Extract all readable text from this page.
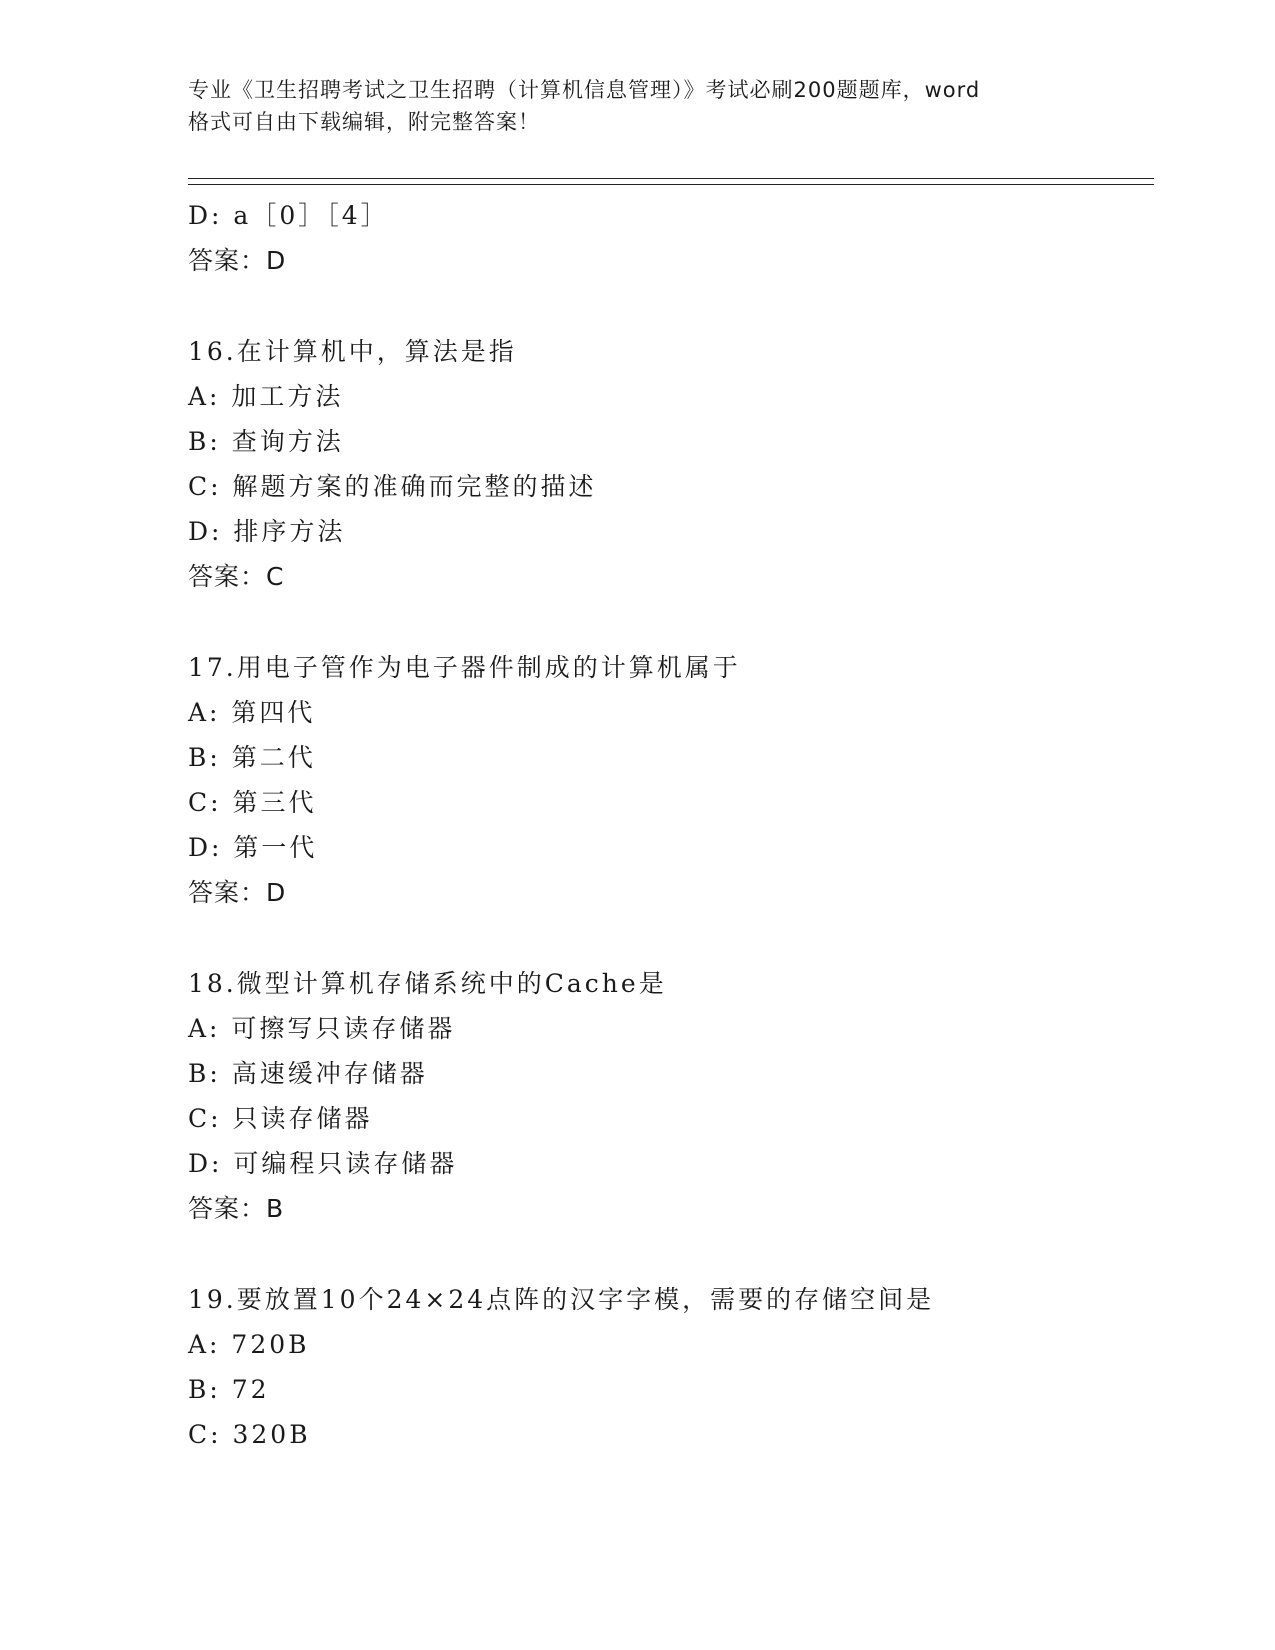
专业《卫生招聘考试之卫生招聘（计算机信息管理）》考试必刷200题题库，word
格式可自由下载编辑，附完整答案！
D: a［0］［4］
答案：D
16.在计算机中，算法是指
A: 加工方法
B: 查询方法
C: 解题方案的准确而完整的描述
D: 排序方法
答案：C
17.用电子管作为电子器件制成的计算机属于
A: 第四代
B: 第二代
C: 第三代
D: 第一代
答案：D
18.微型计算机存储系统中的Cache是
A: 可擦写只读存储器
B: 高速缓冲存储器
C: 只读存储器
D: 可编程只读存储器
答案：B
19.要放置10个24×24点阵的汉字字模，需要的存储空间是
A: 720B
B: 72
C: 320B
